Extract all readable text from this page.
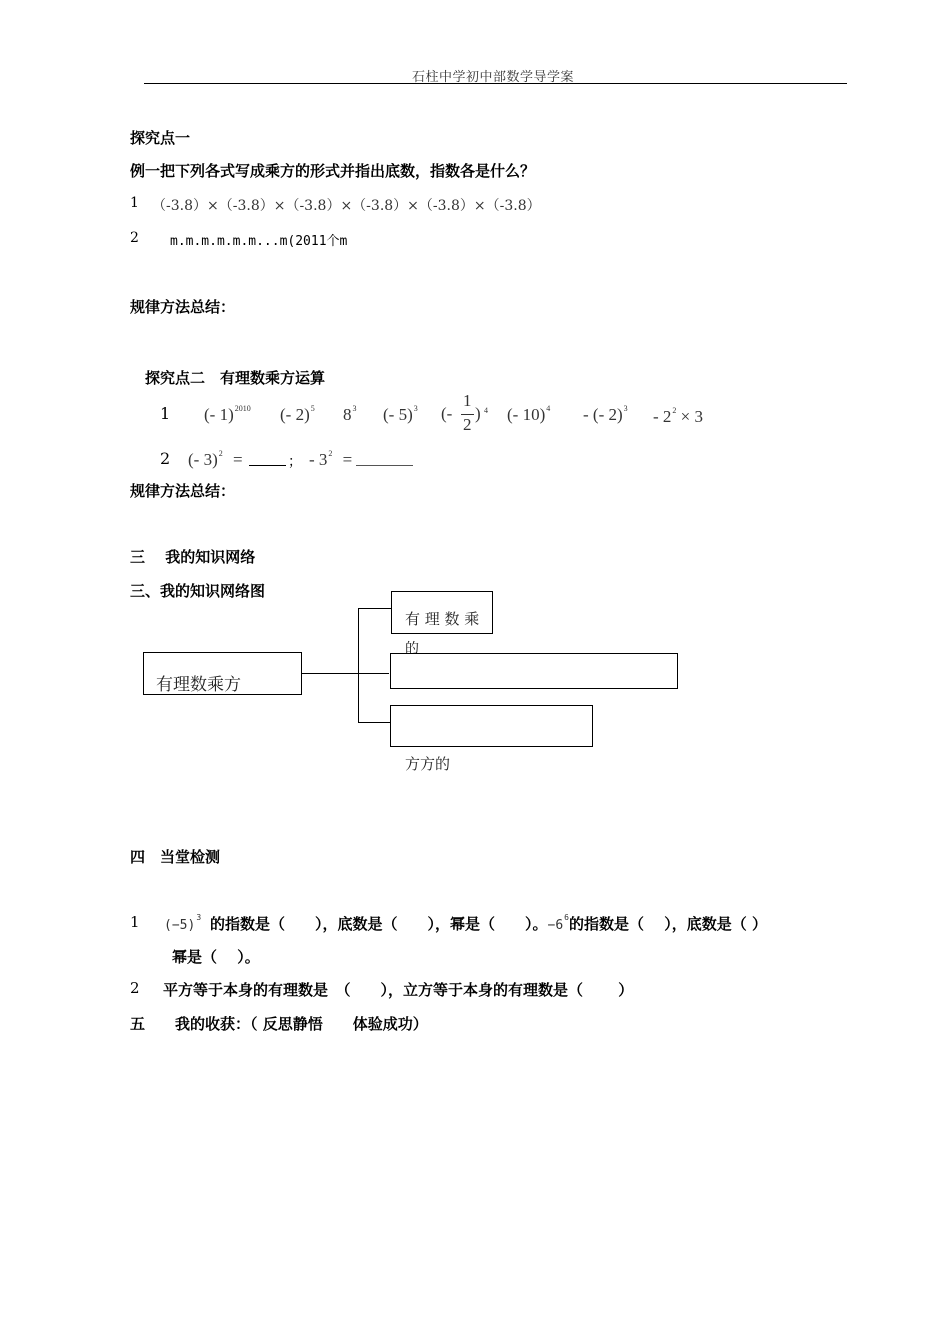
石柱中学初中部数学导学案
探究点一
例一把下列各式写成乘方的形式并指出底数，指数各是什么？
1 （-3.8）×（-3.8）×（-3.8）×（-3.8）×（-3.8）×（-3.8）
2 m.m.m.m.m.m...m(2011个m
规律方法总结：
探究点二　有理数乘方运算
1 (- 1)$^{2010}$ (- 2)$^5$ $8^3$ (- 5)$^3$ (-
1
2
) 4 (- 10)$^4$ - (- $2)^3 - 2^2 \times 3$
2 (- 3)$^2$ =	； - $3^2$ =
规律方法总结：
三　 我的知识网络
三、我的知识网络图
有理数乘方
有 理 数 乘
的
方方的
四　当堂检测
1 $(-5)^3$ 的指数是（　　），底数是（　　），幂是（　　）。$-6^6$的指数是（　 ），底数是（ ）
幂是（　 ）。
2 平方等于本身的有理数是　（　　），立方等于本身的有理数是（　　 ）
五　　我的收获：（ 反思静悟　　体验成功）
